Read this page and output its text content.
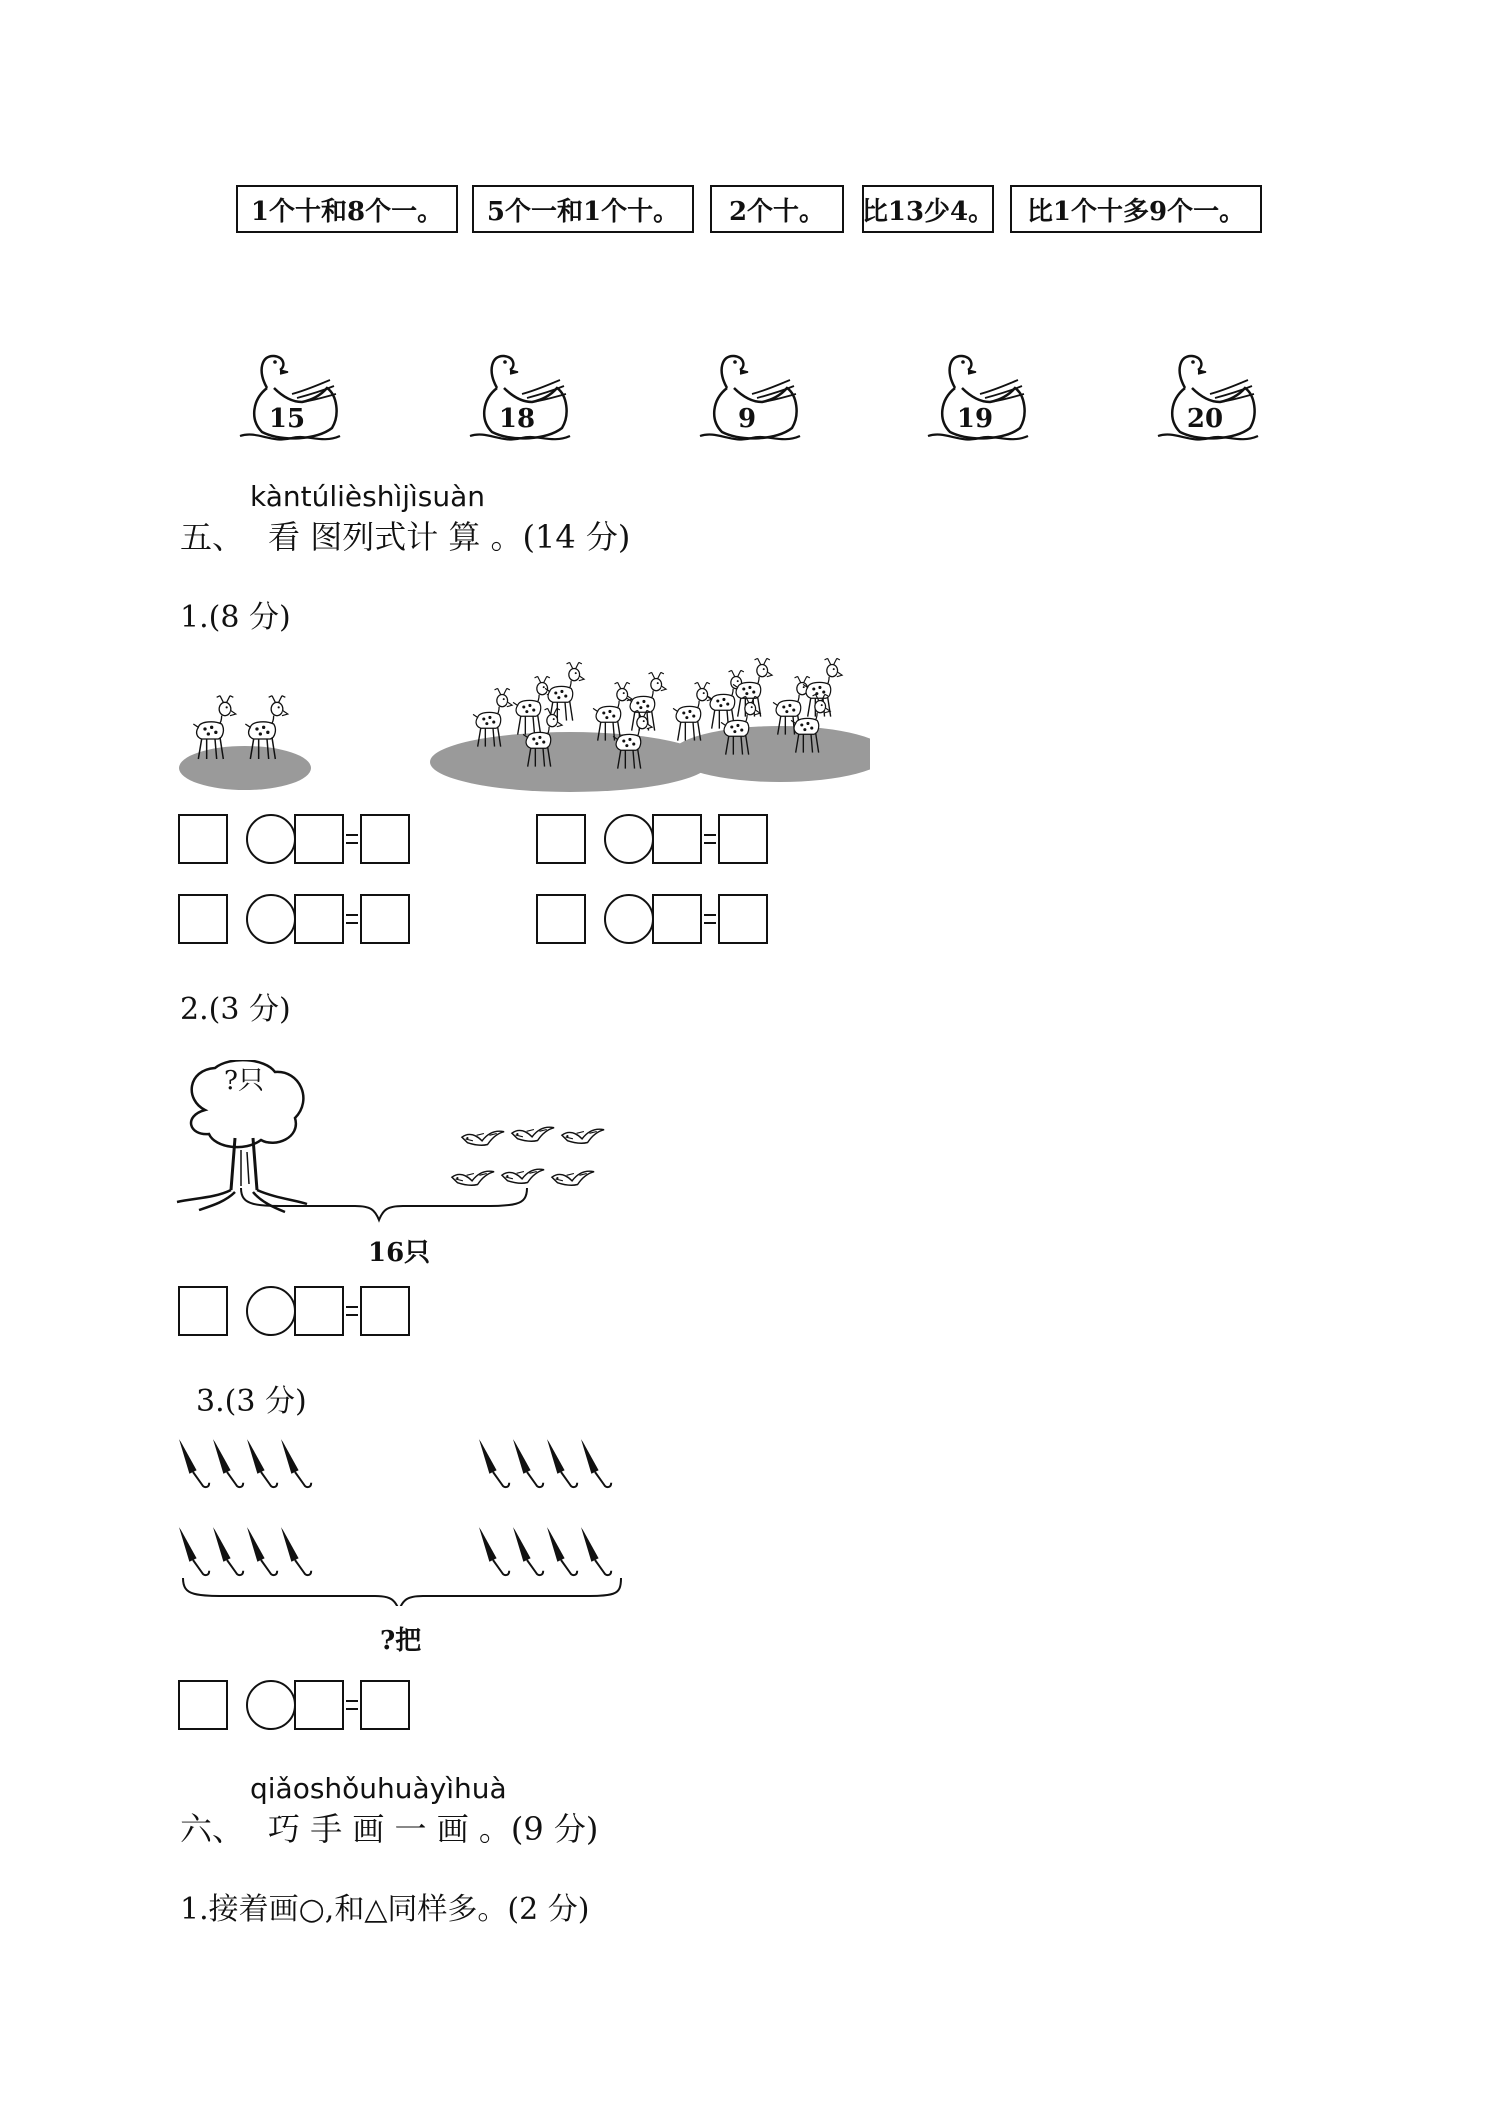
1个十和8个一。	5个一和1个十。	2个十。	比13少4。	比1个十多9个一。
15	18	9	19	20
kàntúlièshìjìsuàn
五、 看 图列式计 算 。(14 分)
1.(8 分)
2.(3 分)
?只
16只
3.(3 分)
?把
qiǎoshǒuhuàyìhuà
六、 巧 手 画 一 画 。(9 分)
1.接着画○,和△同样多。(2 分)
